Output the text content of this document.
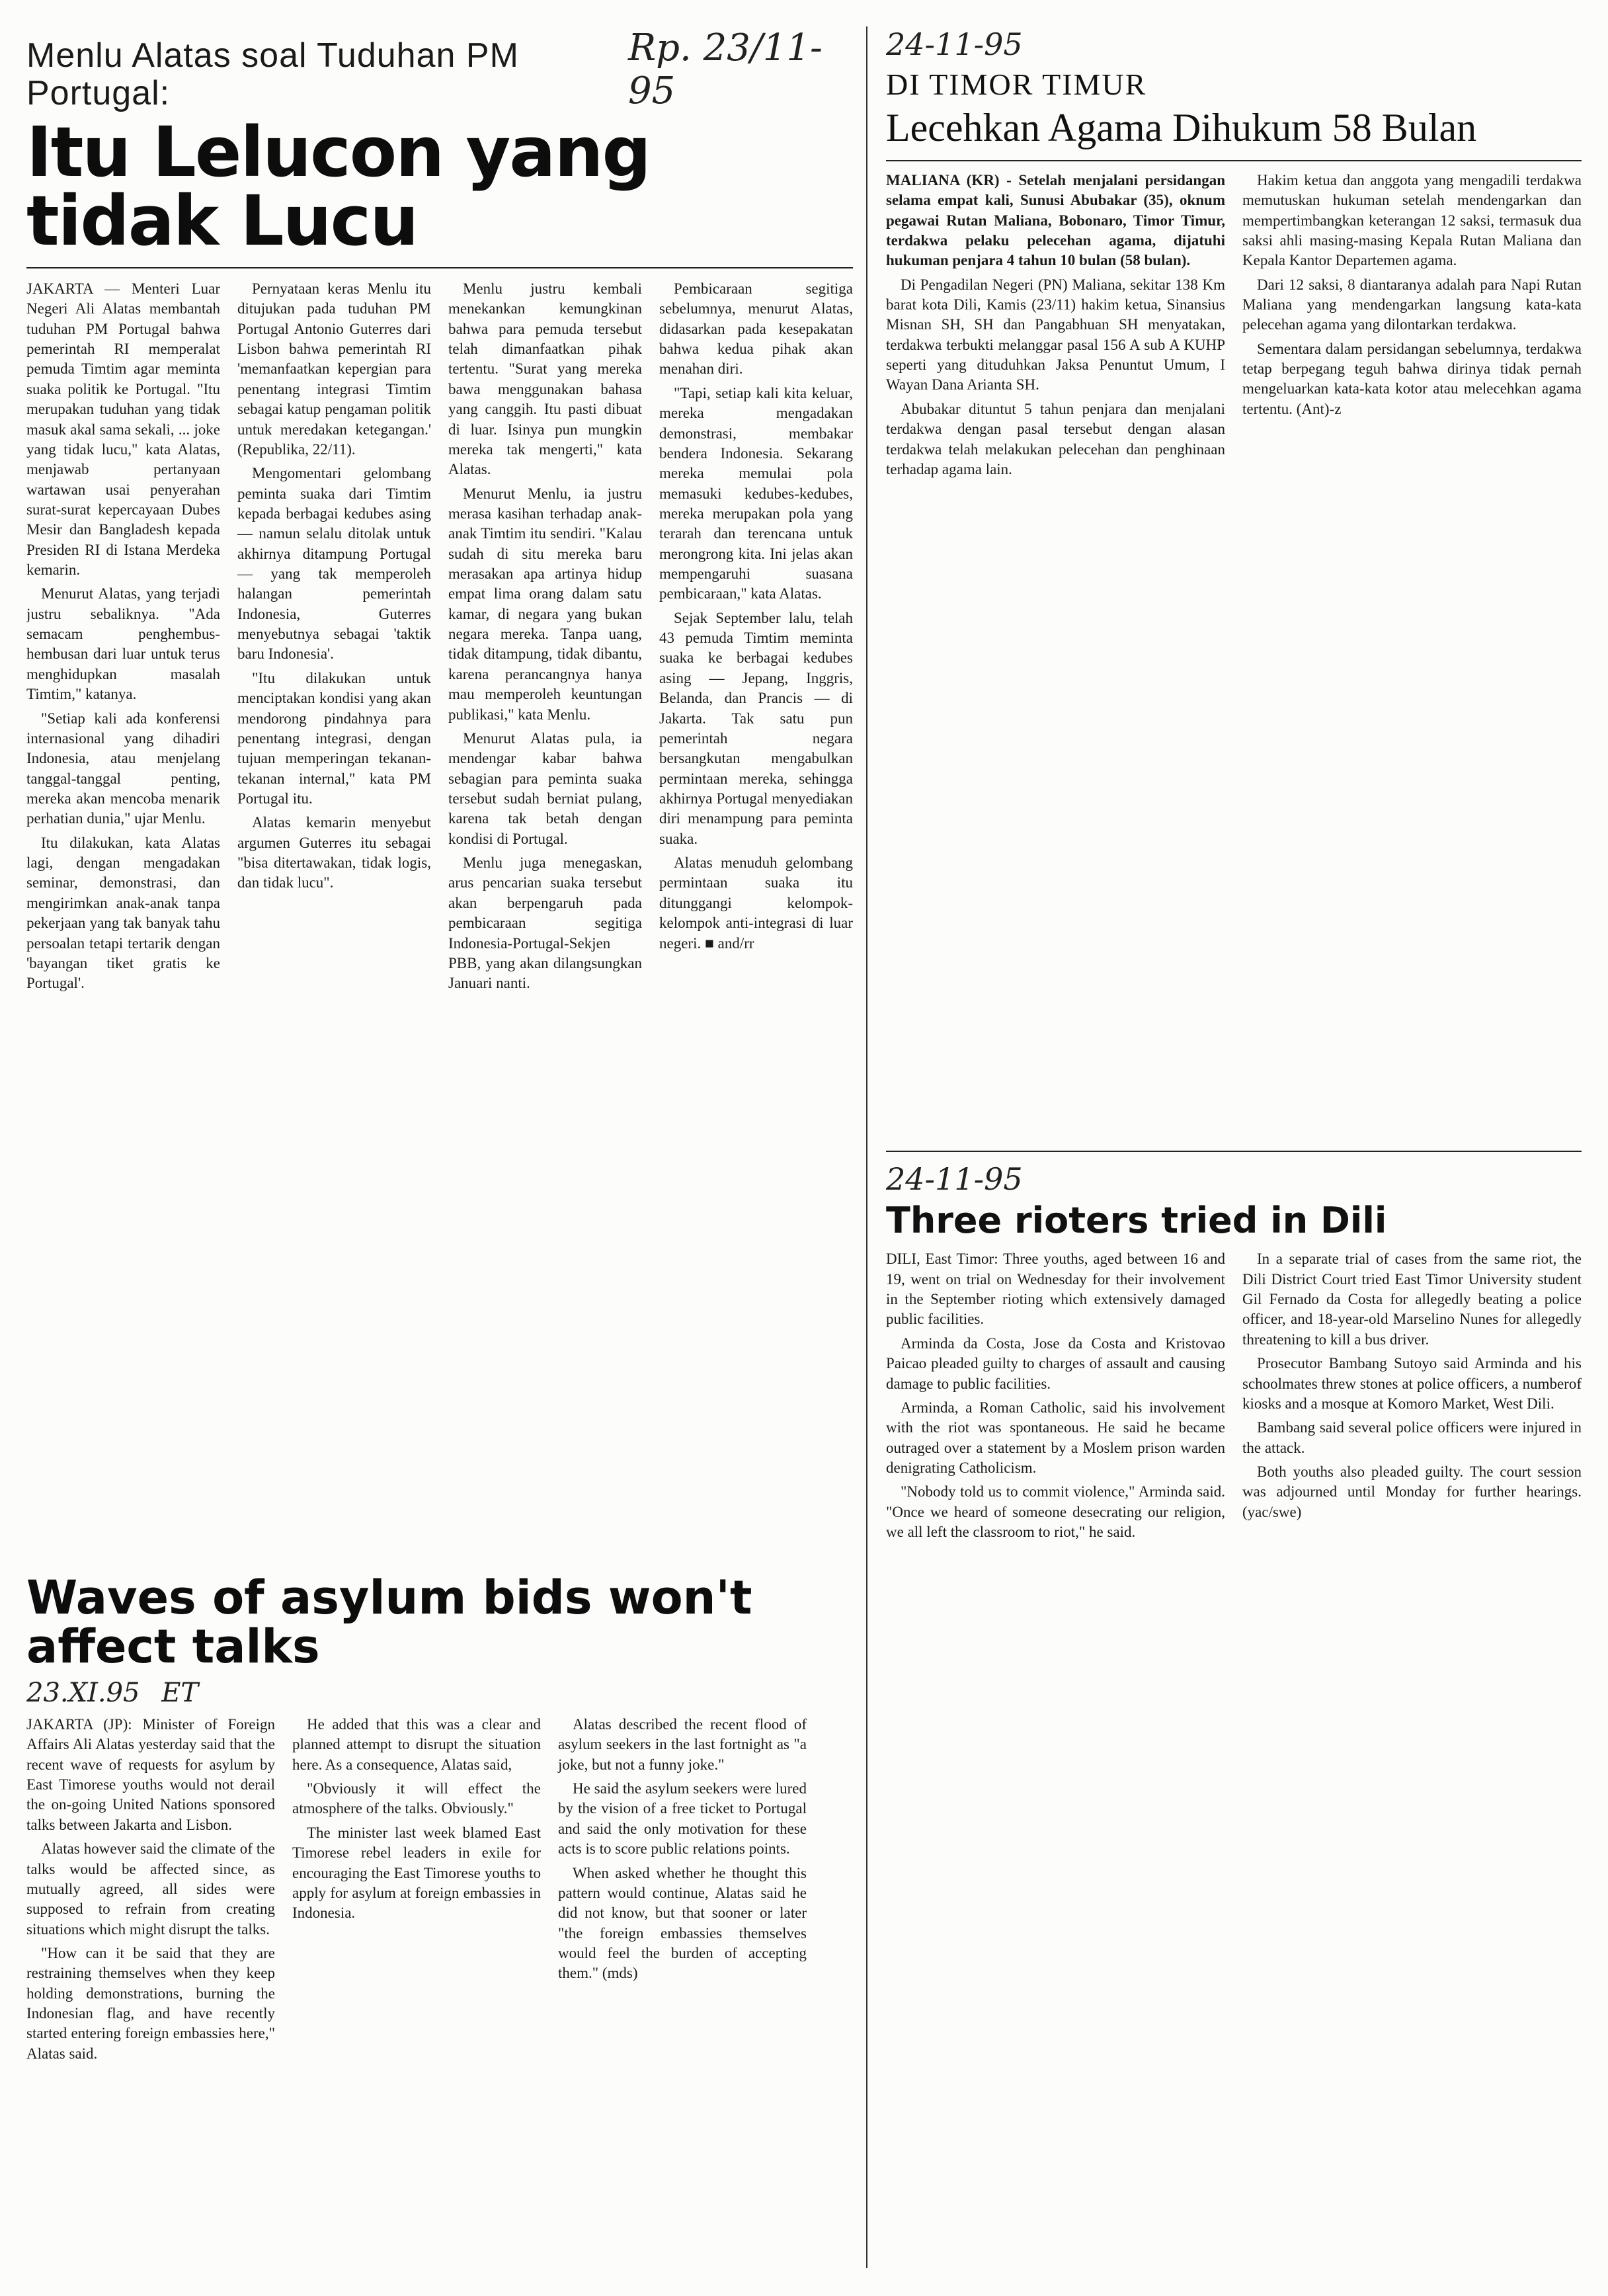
Waves of asylum bids won't affect talks
23.XI.95 ET

JAKARTA (JP): Minister of Foreign Affairs Ali Alatas yesterday said that the recent wave of requests for asylum by East Timorese youths would not derail the on-going United Nations sponsored talks between Jakarta and Lisbon.

Alatas however said the climate of the talks would be affected since, as mutually agreed, all sides were supposed to refrain from creating situations which might disrupt the talks.

"How can it be said that they are restraining themselves when they keep holding demonstrations, burning the Indonesian flag, and have recently started entering foreign embassies here," Alatas said.

He added that this was a clear and planned attempt to disrupt the situation here. As a consequence, Alatas said,

"Obviously it will effect the atmosphere of the talks. Obviously."

The minister last week blamed East Timorese rebel leaders in exile for encouraging the East Timorese youths to apply for asylum at foreign embassies in Indonesia.

Alatas described the recent flood of asylum seekers in the last fortnight as "a joke, but not a funny joke."

He said the asylum seekers were lured by the vision of a free ticket to Portugal and said the only motivation for these acts is to score public relations points.

When asked whether he thought this pattern would continue, Alatas said he did not know, but that sooner or later "the foreign embassies themselves would feel the burden of accepting them." (mds)

Menlu Alatas soal Tuduhan PM Portugal:
Rp. 23/11-95
Itu Lelucon yang tidak Lucu

JAKARTA — Menteri Luar Negeri Ali Alatas membantah tuduhan PM Portugal bahwa pemerintah RI memperalat pemuda Timtim agar meminta suaka politik ke Portugal. "Itu merupakan tuduhan yang tidak masuk akal sama sekali, ... joke yang tidak lucu," kata Alatas, menjawab pertanyaan wartawan usai penyerahan surat-surat kepercayaan Dubes Mesir dan Bangladesh kepada Presiden RI di Istana Merdeka kemarin.

Menurut Alatas, yang terjadi justru sebaliknya. "Ada semacam penghembus-hembusan dari luar untuk terus menghidupkan masalah Timtim," katanya.

"Setiap kali ada konferensi internasional yang dihadiri Indonesia, atau menjelang tanggal-tanggal penting, mereka akan mencoba menarik perhatian dunia," ujar Menlu.

Itu dilakukan, kata Alatas lagi, dengan mengadakan seminar, demonstrasi, dan mengirimkan anak-anak tanpa pekerjaan yang tak banyak tahu persoalan tetapi tertarik dengan 'bayangan tiket gratis ke Portugal'.

Pernyataan keras Menlu itu ditujukan pada tuduhan PM Portugal Antonio Guterres dari Lisbon bahwa pemerintah RI 'memanfaatkan kepergian para penentang integrasi Timtim sebagai katup pengaman politik untuk meredakan ketegangan.' (Republika, 22/11).

Mengomentari gelombang peminta suaka dari Timtim kepada berbagai kedubes asing — namun selalu ditolak untuk akhirnya ditampung Portugal — yang tak memperoleh halangan pemerintah Indonesia, Guterres menyebutnya sebagai 'taktik baru Indonesia'.

"Itu dilakukan untuk menciptakan kondisi yang akan mendorong pindahnya para penentang integrasi, dengan tujuan memperingan tekanan-tekanan internal," kata PM Portugal itu.

Alatas kemarin menyebut argumen Guterres itu sebagai "bisa ditertawakan, tidak logis, dan tidak lucu".

Menlu justru kembali menekankan kemungkinan bahwa para pemuda tersebut telah dimanfaatkan pihak tertentu. "Surat yang mereka bawa menggunakan bahasa yang canggih. Itu pasti dibuat di luar. Isinya pun mungkin mereka tak mengerti," kata Alatas.

Menurut Menlu, ia justru merasa kasihan terhadap anak-anak Timtim itu sendiri. "Kalau sudah di situ mereka baru merasakan apa artinya hidup empat lima orang dalam satu kamar, di negara yang bukan negara mereka. Tanpa uang, tidak ditampung, tidak dibantu, karena perancangnya hanya mau memperoleh keuntungan publikasi," kata Menlu.

Menurut Alatas pula, ia mendengar kabar bahwa sebagian para peminta suaka tersebut sudah berniat pulang, karena tak betah dengan kondisi di Portugal.

Menlu juga menegaskan, arus pencarian suaka tersebut akan berpengaruh pada pembicaraan segitiga Indonesia-Portugal-Sekjen PBB, yang akan dilangsungkan Januari nanti.

Pembicaraan segitiga sebelumnya, menurut Alatas, didasarkan pada kesepakatan bahwa kedua pihak akan menahan diri.

"Tapi, setiap kali kita keluar, mereka mengadakan demonstrasi, membakar bendera Indonesia. Sekarang mereka memulai pola memasuki kedubes-kedubes, mereka merupakan pola yang terarah dan terencana untuk merongrong kita. Ini jelas akan mempengaruhi suasana pembicaraan," kata Alatas.

Sejak September lalu, telah 43 pemuda Timtim meminta suaka ke berbagai kedubes asing — Jepang, Inggris, Belanda, dan Prancis — di Jakarta. Tak satu pun pemerintah negara bersangkutan mengabulkan permintaan mereka, sehingga akhirnya Portugal menyediakan diri menampung para peminta suaka.

Alatas menuduh gelombang permintaan suaka itu ditunggangi kelompok-kelompok anti-integrasi di luar negeri. ■ and/rr

24-11-95
DI TIMOR TIMUR
Lecehkan Agama Dihukum 58 Bulan

MALIANA (KR) - Setelah menjalani persidangan selama empat kali, Sunusi Abubakar (35), oknum pegawai Rutan Maliana, Bobonaro, Timor Timur, terdakwa pelaku pelecehan agama, dijatuhi hukuman penjara 4 tahun 10 bulan (58 bulan).

Di Pengadilan Negeri (PN) Maliana, sekitar 138 Km barat kota Dili, Kamis (23/11) hakim ketua, Sinansius Misnan SH, SH dan Pangabhuan SH menyatakan, terdakwa terbukti melanggar pasal 156 A sub A KUHP seperti yang dituduhkan Jaksa Penuntut Umum, I Wayan Dana Arianta SH.

Abubakar dituntut 5 tahun penjara dan menjalani terdakwa dengan pasal tersebut dengan alasan terdakwa telah melakukan pelecehan dan penghinaan terhadap agama lain.

Hakim ketua dan anggota yang mengadili terdakwa memutuskan hukuman setelah mendengarkan dan mempertimbangkan keterangan 12 saksi, termasuk dua saksi ahli masing-masing Kepala Rutan Maliana dan Kepala Kantor Departemen agama.

Dari 12 saksi, 8 diantaranya adalah para Napi Rutan Maliana yang mendengarkan langsung kata-kata pelecehan agama yang dilontarkan terdakwa.

Sementara dalam persidangan sebelumnya, terdakwa tetap berpegang teguh bahwa dirinya tidak pernah mengeluarkan kata-kata kotor atau melecehkan agama tertentu. (Ant)-z

24-11-95
Three rioters tried in Dili

DILI, East Timor: Three youths, aged between 16 and 19, went on trial on Wednesday for their involvement in the September rioting which extensively damaged public facilities.

Arminda da Costa, Jose da Costa and Kristovao Paicao pleaded guilty to charges of assault and causing damage to public facilities.

Arminda, a Roman Catholic, said his involvement with the riot was spontaneous. He said he became outraged over a statement by a Moslem prison warden denigrating Catholicism.

"Nobody told us to commit violence," Arminda said. "Once we heard of someone desecrating our religion, we all left the classroom to riot," he said.

In a separate trial of cases from the same riot, the Dili District Court tried East Timor University student Gil Fernado da Costa for allegedly beating a police officer, and 18-year-old Marselino Nunes for allegedly threatening to kill a bus driver.

Prosecutor Bambang Sutoyo said Arminda and his schoolmates threw stones at police officers, a numberof kiosks and a mosque at Komoro Market, West Dili.

Bambang said several police officers were injured in the attack.

Both youths also pleaded guilty. The court session was adjourned until Monday for further hearings. (yac/swe)
